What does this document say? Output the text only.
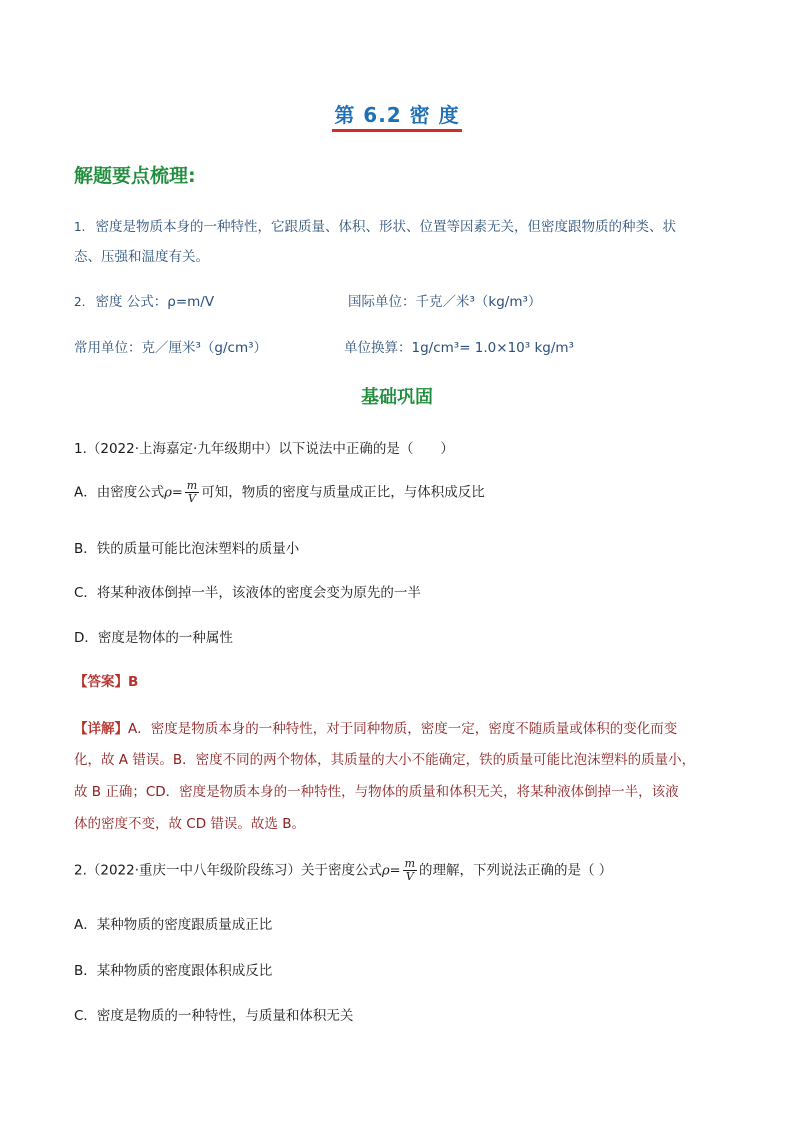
第 6.2 密 度
解题要点梳理:
1. 密度是物质本身的一种特性，它跟质量、体积、形状、位置等因素无关，但密度跟物质的种类、状
态、压强和温度有关。
2. 密度 公式：ρ=m/V	国际单位：千克／米³（kg/m³）
常用单位：克／厘米³（g/cm³）	单位换算：1g/cm³= 1.0×10³ kg/m³
基础巩固
1.（2022·上海嘉定·九年级期中）以下说法中正确的是（　　）
A．由密度公式$\rho= \frac{m}{V}$ 可知，物质的密度与质量成正比，与体积成反比
B．铁的质量可能比泡沫塑料的质量小
C．将某种液体倒掉一半，该液体的密度会变为原先的一半
D．密度是物体的一种属性
【答案】B
【详解】A．密度是物质本身的一种特性，对于同种物质，密度一定，密度不随质量或体积的变化而变
化，故 A 错误。B．密度不同的两个物体，其质量的大小不能确定，铁的质量可能比泡沫塑料的质量小，
故 B 正确；CD．密度是物质本身的一种特性，与物体的质量和体积无关，将某种液体倒掉一半，该液
体的密度不变，故 CD 错误。故选 B。
2.（2022·重庆一中八年级阶段练习）关于密度公式$\rho= \frac{m}{V}$ 的理解，下列说法正确的是（ ）
A．某种物质的密度跟质量成正比
B．某种物质的密度跟体积成反比
C．密度是物质的一种特性，与质量和体积无关
